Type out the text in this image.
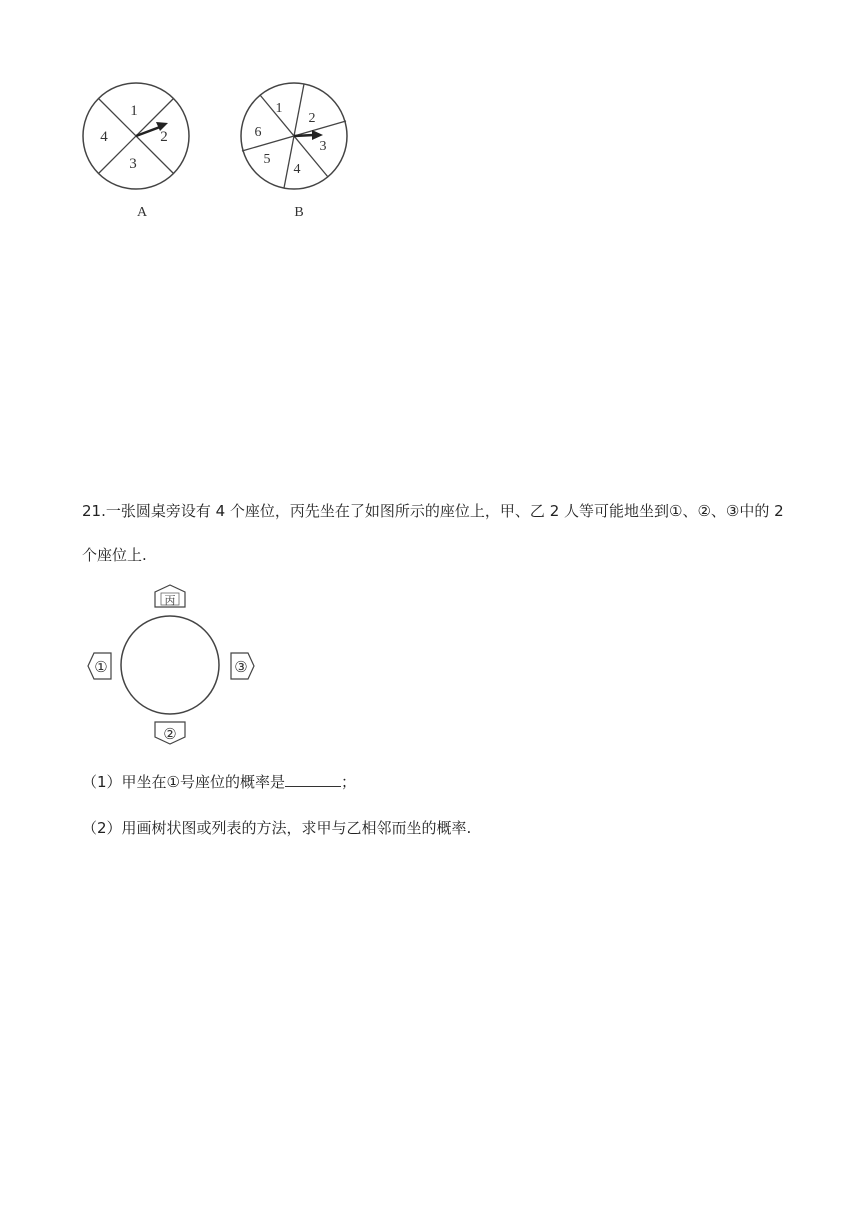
1
2
3
4
A
1
2
3
4
5
6
B
21.一张圆桌旁设有 4 个座位，丙先坐在了如图所示的座位上，甲、乙 2 人等可能地坐到①、②、③中的 2
个座位上.
丙
①	③
②
（1）甲坐在①号座位的概率是	；
（2）用画树状图或列表的方法，求甲与乙相邻而坐的概率.
